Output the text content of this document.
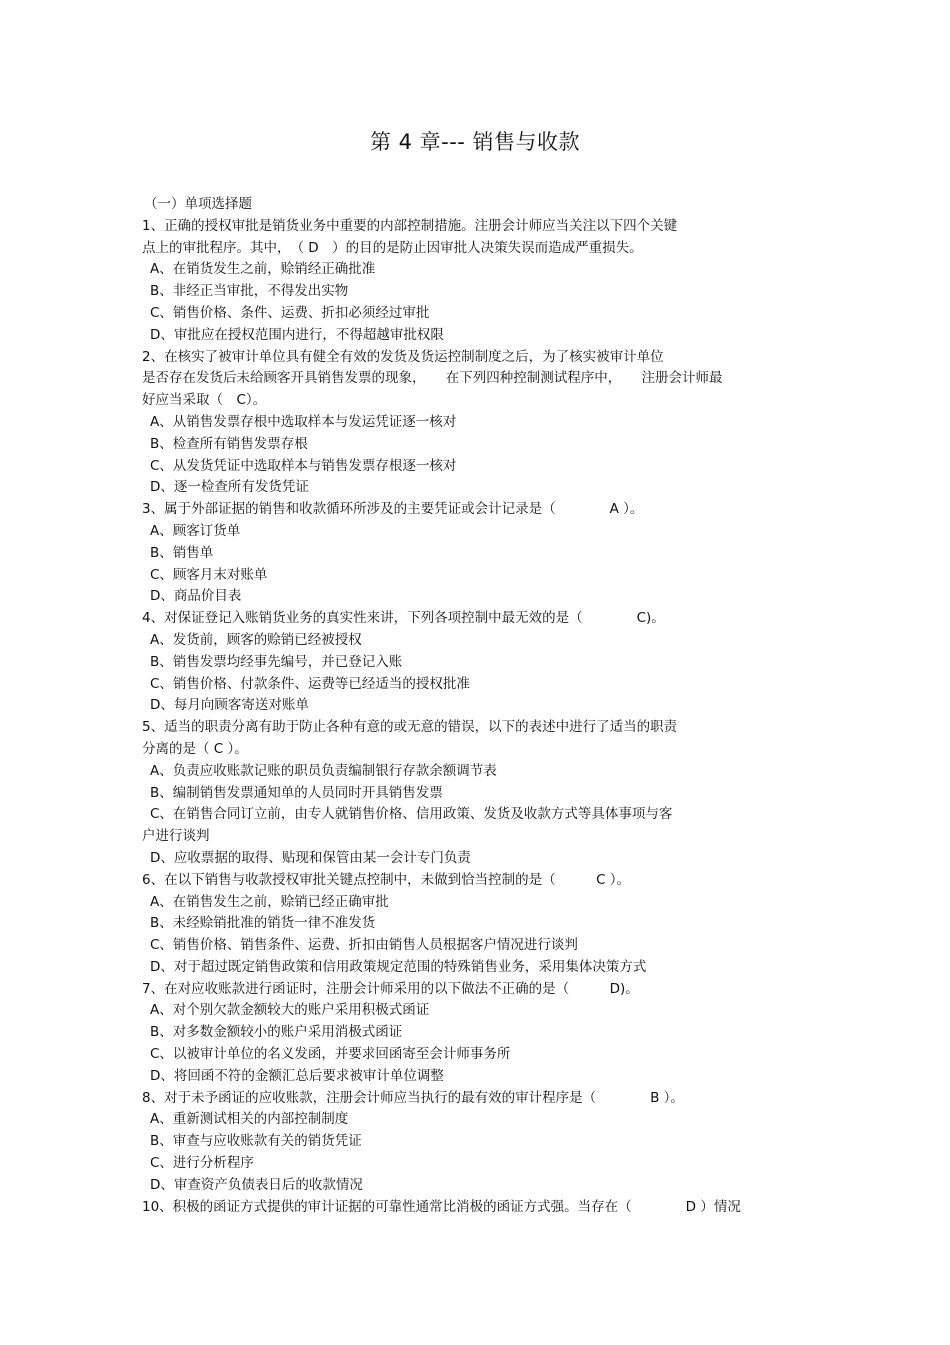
第 4 章--- 销售与收款
（一）单项选择题
1、正确的授权审批是销货业务中重要的内部控制措施。注册会计师应当关注以下四个关键
点上的审批程序。其中，　（ D　）的目的是防止因审批人决策失误而造成严重损失。
A、在销货发生之前，赊销经正确批准
B、非经正当审批，不得发出实物
C、销售价格、条件、运费、折扣必须经过审批
D、审批应在授权范围内进行，不得超越审批权限
2、在核实了被审计单位具有健全有效的发货及货运控制制度之后，为了核实被审计单位
是否存在发货后未给顾客开具销售发票的现象，　　在下列四种控制测试程序中，　　注册会计师最
好应当采取（　C）。
A、从销售发票存根中选取样本与发运凭证逐一核对
B、检查所有销售发票存根
C、从发货凭证中选取样本与销售发票存根逐一核对
D、逐一检查所有发货凭证
3、属于外部证据的销售和收款循环所涉及的主要凭证或会计记录是（　　　　A ）。
A、顾客订货单
B、销售单
C、顾客月末对账单
D、商品价目表
4、对保证登记入账销货业务的真实性来讲，下列各项控制中最无效的是（　　　　C)。
A、发货前，顾客的赊销已经被授权
B、销售发票均经事先编号，并已登记入账
C、销售价格、付款条件、运费等已经适当的授权批准
D、每月向顾客寄送对账单
5、适当的职责分离有助于防止各种有意的或无意的错误，以下的表述中进行了适当的职责
分离的是（ C ）。
A、负责应收账款记账的职员负责编制银行存款余额调节表
B、编制销售发票通知单的人员同时开具销售发票
C、在销售合同订立前，由专人就销售价格、信用政策、发货及收款方式等具体事项与客
户进行谈判
D、应收票据的取得、贴现和保管由某一会计专门负责
6、在以下销售与收款授权审批关键点控制中，未做到恰当控制的是（　　　C ）。
A、在销售发生之前，赊销已经正确审批
B、未经赊销批准的销货一律不准发货
C、销售价格、销售条件、运费、折扣由销售人员根据客户情况进行谈判
D、对于超过既定销售政策和信用政策规定范围的特殊销售业务，采用集体决策方式
7、在对应收账款进行函证时，注册会计师采用的以下做法不正确的是（　　　D)。
A、对个别欠款金额较大的账户采用积极式函证
B、对多数金额较小的账户采用消极式函证
C、以被审计单位的名义发函，并要求回函寄至会计师事务所
D、将回函不符的金额汇总后要求被审计单位调整
8、对于未予函证的应收账款，注册会计师应当执行的最有效的审计程序是（　　　　B ）。
A、重新测试相关的内部控制制度
B、审查与应收账款有关的销货凭证
C、进行分析程序
D、审查资产负债表日后的收款情况
10、积极的函证方式提供的审计证据的可靠性通常比消极的函证方式强。当存在（　　　　D ）情况
